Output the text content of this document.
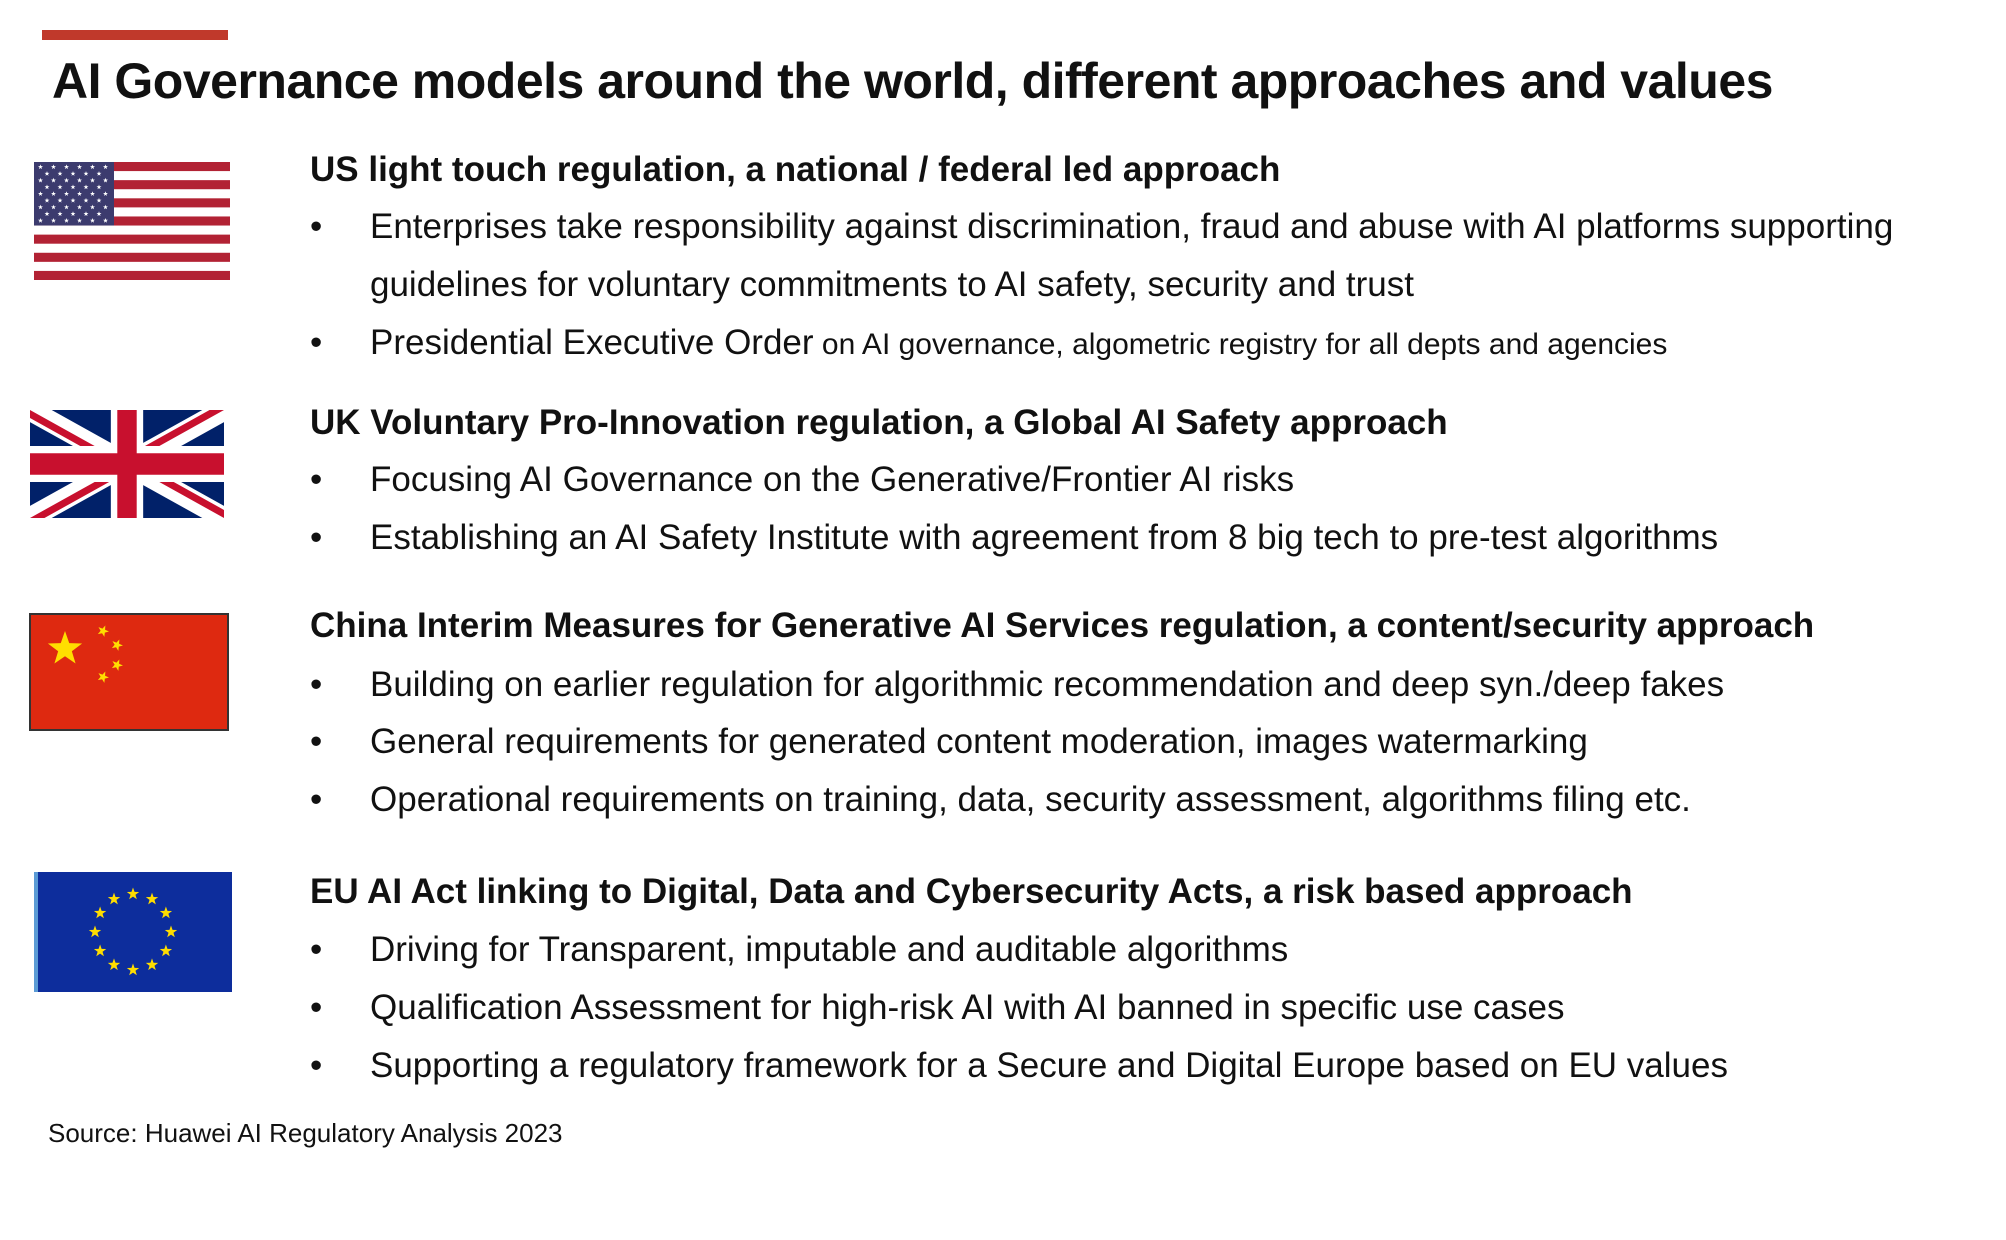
AI Governance models around the world, different approaches and values
US light touch regulation, a national / federal led approach
• Enterprises take responsibility against discrimination, fraud and abuse with AI platforms supporting
guidelines for voluntary commitments to AI safety, security and trust
• Presidential Executive Order on AI governance, algometric registry for all depts and agencies
UK Voluntary Pro-Innovation regulation, a Global AI Safety approach
• Focusing AI Governance on the Generative/Frontier AI risks
• Establishing an AI Safety Institute with agreement from 8 big tech to pre-test algorithms
China Interim Measures for Generative AI Services regulation, a content/security approach
• Building on earlier regulation for algorithmic recommendation and deep syn./deep fakes
• General requirements for generated content moderation, images watermarking
• Operational requirements on training, data, security assessment, algorithms filing etc.
EU AI Act linking to Digital, Data and Cybersecurity Acts, a risk based approach
• Driving for Transparent, imputable and auditable algorithms
• Qualification Assessment for high-risk AI with AI banned in specific use cases
• Supporting a regulatory framework for a Secure and Digital Europe based on EU values
Source: Huawei AI Regulatory Analysis 2023
